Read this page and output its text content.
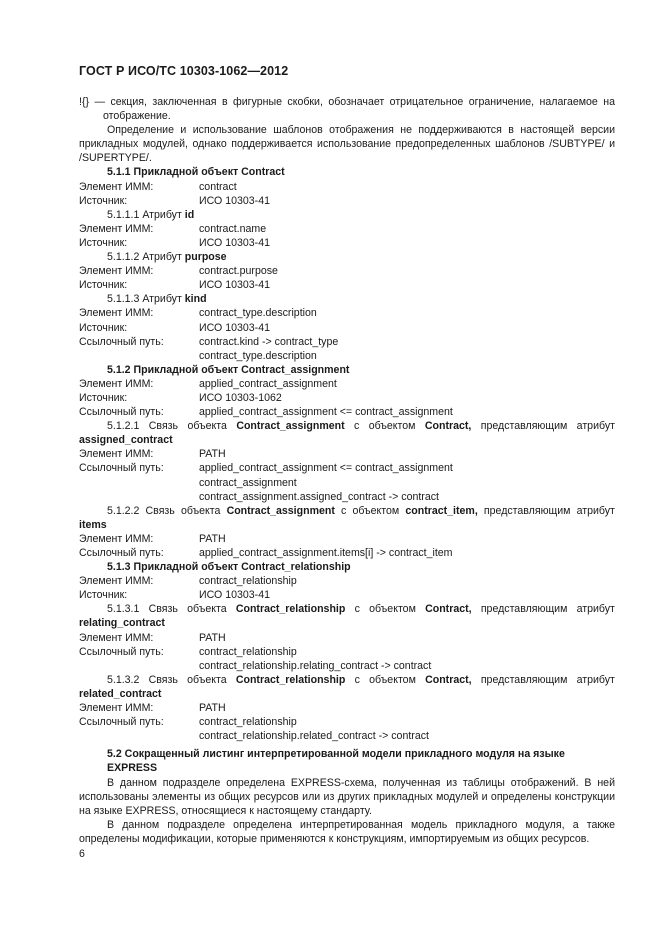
ГОСТ Р ИСО/ТС 10303-1062—2012
!{} — секция, заключенная в фигурные скобки, обозначает отрицательное ограничение, налагаемое на отображение.
Определение и использование шаблонов отображения не поддерживаются в настоящей версии прикладных модулей, однако поддерживается использование предопределенных шаблонов /SUBTYPE/ и /SUPERTYPE/.
5.1.1 Прикладной объект Contract
Элемент ИММ:	contract
Источник:	ИСО 10303-41
5.1.1.1 Атрибут id
Элемент ИММ:	contract.name
Источник:	ИСО 10303-41
5.1.1.2 Атрибут purpose
Элемент ИММ:	contract.purpose
Источник:	ИСО 10303-41
5.1.1.3 Атрибут kind
Элемент ИММ:	contract_type.description
Источник:	ИСО 10303-41
Ссылочный путь:	contract.kind -> contract_type
contract_type.description
5.1.2 Прикладной объект Contract_assignment
Элемент ИММ:	applied_contract_assignment
Источник:	ИСО 10303-1062
Ссылочный путь:	applied_contract_assignment <= contract_assignment
5.1.2.1 Связь объекта Contract_assignment с объектом Contract, представляющим атрибут
assigned_contract
Элемент ИММ:	PATH
Ссылочный путь:	applied_contract_assignment <= contract_assignment
contract_assignment
contract_assignment.assigned_contract -> contract
5.1.2.2 Связь объекта Contract_assignment с объектом contract_item, представляющим атрибут
items
Элемент ИММ:	PATH
Ссылочный путь:	applied_contract_assignment.items[i] -> contract_item
5.1.3 Прикладной объект Contract_relationship
Элемент ИММ:	contract_relationship
Источник:	ИСО 10303-41
5.1.3.1 Связь объекта Contract_relationship с объектом Contract, представляющим атрибут
relating_contract
Элемент ИММ:	PATH
Ссылочный путь:	contract_relationship
contract_relationship.relating_contract -> contract
5.1.3.2 Связь объекта Contract_relationship с объектом Contract, представляющим атрибут
related_contract
Элемент ИММ:	PATH
Ссылочный путь:	contract_relationship
contract_relationship.related_contract -> contract
5.2 Сокращенный листинг интерпретированной модели прикладного модуля на языке EXPRESS
В данном подразделе определена EXPRESS-схема, полученная из таблицы отображений. В ней использованы элементы из общих ресурсов или из других прикладных модулей и определены конструкции на языке EXPRESS, относящиеся к настоящему стандарту.
В данном подразделе определена интерпретированная модель прикладного модуля, а также определены модификации, которые применяются к конструкциям, импортируемым из общих ресурсов.
6
